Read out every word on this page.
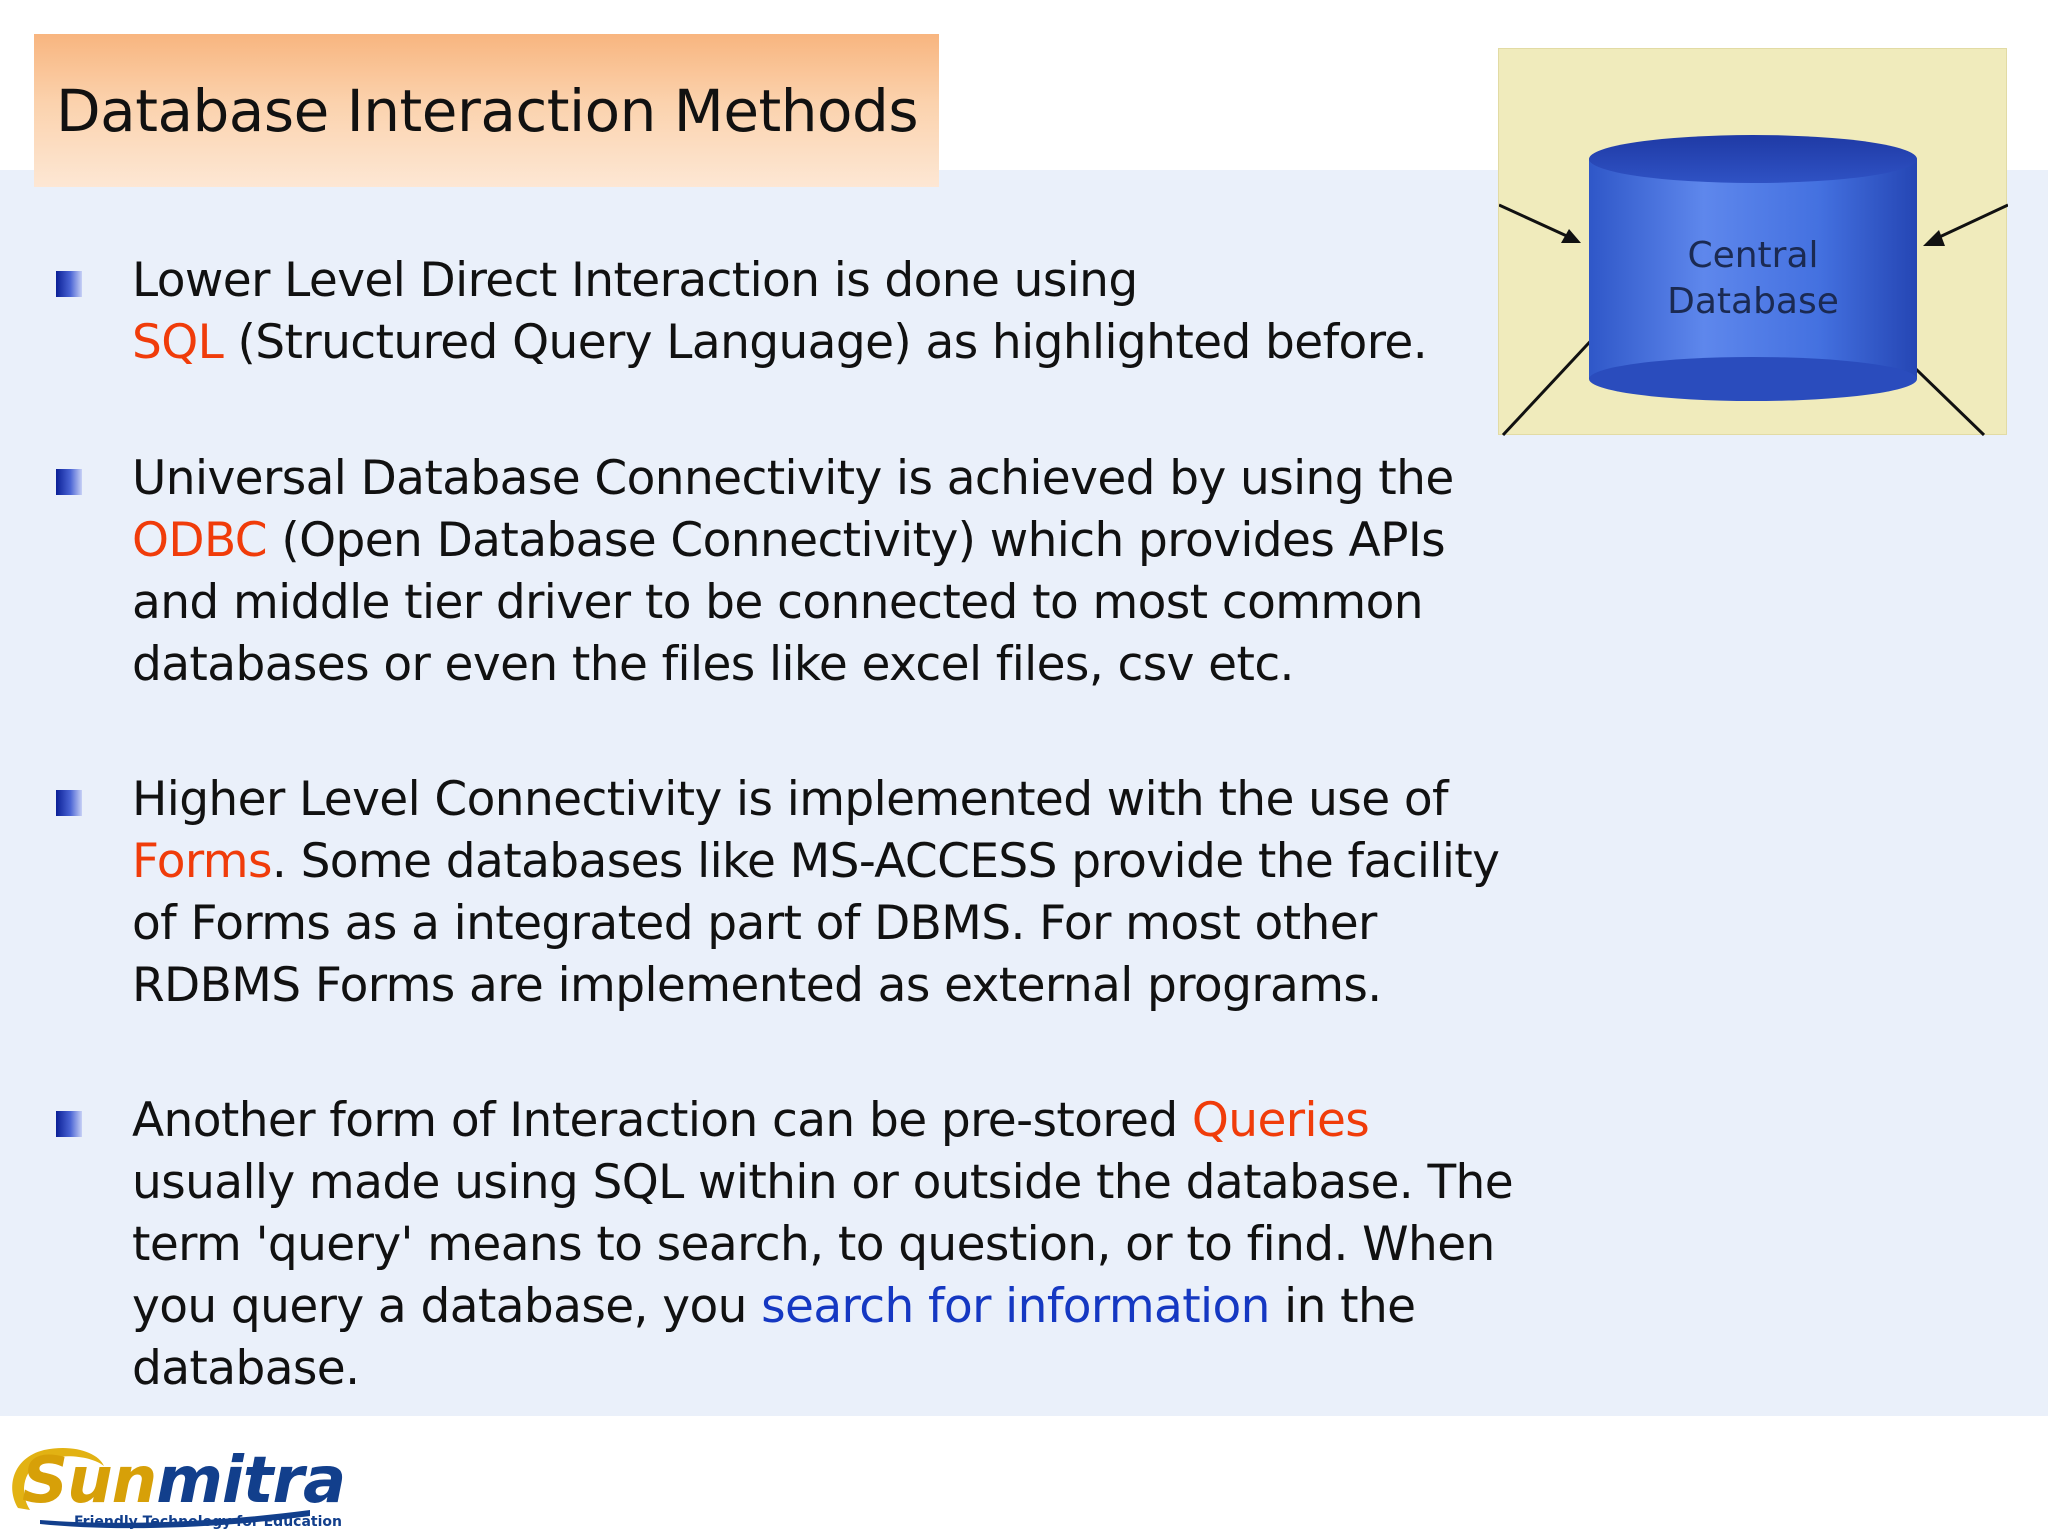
Database Interaction Methods
Central
Database
Lower Level Direct Interaction is done using
SQL (Structured Query Language) as highlighted before.
Universal Database Connectivity is achieved by using the
ODBC (Open Database Connectivity) which provides APIs
and middle tier driver to be connected to most common
databases or even the files like excel files, csv etc.
Higher Level Connectivity is implemented with the use of
Forms. Some databases like MS-ACCESS provide the facility
of Forms as a integrated part of DBMS. For most other
RDBMS Forms are implemented as external programs.
Another form of Interaction can be pre-stored Queries
usually made using SQL within or outside the database. The
term 'query' means to search, to question, or to find. When
you query a database, you search for information in the
database.
Sunmitra
Friendly Technology for Education
